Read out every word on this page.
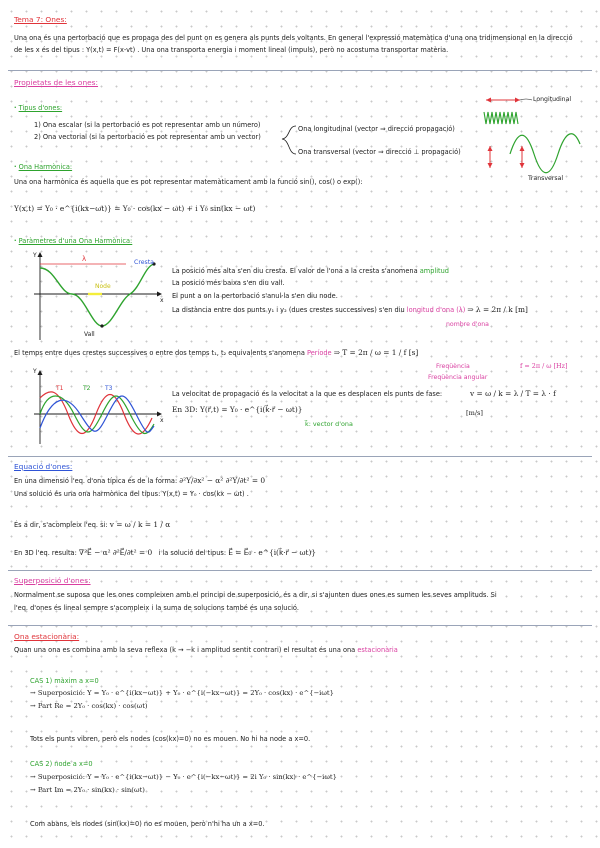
Tema 7: Ones:
Una ona és una pertorbació que es propaga des del punt on es genera als punts dels voltants. En general l'expressió matemàtica d'una ona tridimensional en la direcció
de les x és del tipus : Y(x,t) = F(x-vt) . Una ona transporta energia i moment lineal (impuls), però no acostuma transportar matèria.
Propietats de les ones:
· Tipus d'ones:
1) Ona escalar (si la pertorbació es pot representar amb un número)
2) Ona vectorial (si la pertorbació es pot representar amb un vector)
Ona longitudinal (vector ⇒ direcció propagació)
Ona transversal (vector ⇒ direcció ⊥ propagació)
Longitudinal
Transversal
· Ona Harmònica:
Una ona harmònica és aquella que es pot representar matemàticament amb la funció sin(), cos() o exp():
Y(x,t) = Y₀ · e^{i(kx−ωt)} = Y₀ · cos(kx − ωt) + i Y₀ sin(kx − ωt)
· Paràmetres d'una Ona Harmònica:
Y
x
λ	Cresta
Node
Vall
La posició més alta s'en diu cresta. El valor de l'ona a la cresta s'anomena amplitud
La posició més baixa s'en diu vall.
El punt a on la pertorbació s'anul·la s'en diu node.
La distància entre dos punts y₁ i y₂ (dues crestes successives) s'en diu longitud d'ona (λ) ⇒ λ = 2π / k [m]
nombre d'ona
El temps entre dues crestes successives o entre dos temps t₁, t₂ equivalents s'anomena Període ⇒ T = 2π / ω = 1 / f [s]
Freqüència
Freqüència angular
f = 2π / ω [Hz]
Y
x
T1	T2 T3
La velocitat de propagació és la velocitat a la que es desplacen els punts de fase:	v = ω / k = λ / T = λ · f
[m/s]
En 3D: Y(r⃗,t) = Y₀ · e^{i(k⃗·r⃗ − ωt)}
k⃗: vector d'ona
Equació d'ones:
En una dimensió l'eq. d'ona típica és de la forma: ∂²Y/∂x² − α² ∂²Y/∂t² = 0
Una solució és una ona harmònica del tipus: Y(x,t) = Y₀ · cos(kx − ωt) .
És a dir, s'acompleix l'eq. si: v = ω / k = 1 / α
En 3D l'eq. resulta: ∇²E⃗ − α² ∂²E⃗/∂t² = 0 i la solució del tipus: E⃗ = E⃗₀ · e^{i(k⃗·r⃗ − ωt)}
Superposició d'ones:
Normalment se suposa que les ones compleixen amb el principi de superposició, és a dir, si s'ajunten dues ones es sumen les seves amplituds. Si
l'eq. d'ones és lineal sempre s'acompleix i la suma de solucions també és una solució.
Ona estacionària:
Quan una ona es combina amb la seva reflexa (k → −k i amplitud sentit contrari) el resultat és una ona estacionària
CAS 1) màxim a x=0
→ Superposició: Y = Y₀ · e^{i(kx−ωt)} + Y₀ · e^{i(−kx−ωt)} = 2Y₀ · cos(kx) · e^{−iωt}
→ Part Re = 2Y₀ · cos(kx) · cos(ωt)
Tots els punts vibren, però els nodes (cos(kx)=0) no es mouen. No hi ha node a x=0.
CAS 2) node a x=0
→ Superposició: Y = Y₀ · e^{i(kx−ωt)} − Y₀ · e^{i(−kx−ωt)} = 2i Y₀ · sin(kx) · e^{−iωt}
→ Part Im = 2Y₀ · sin(kx) · sin(ωt)
Com abans, els nodes (sin(kx)=0) no es mouen, però n'hi ha un a x=0.
